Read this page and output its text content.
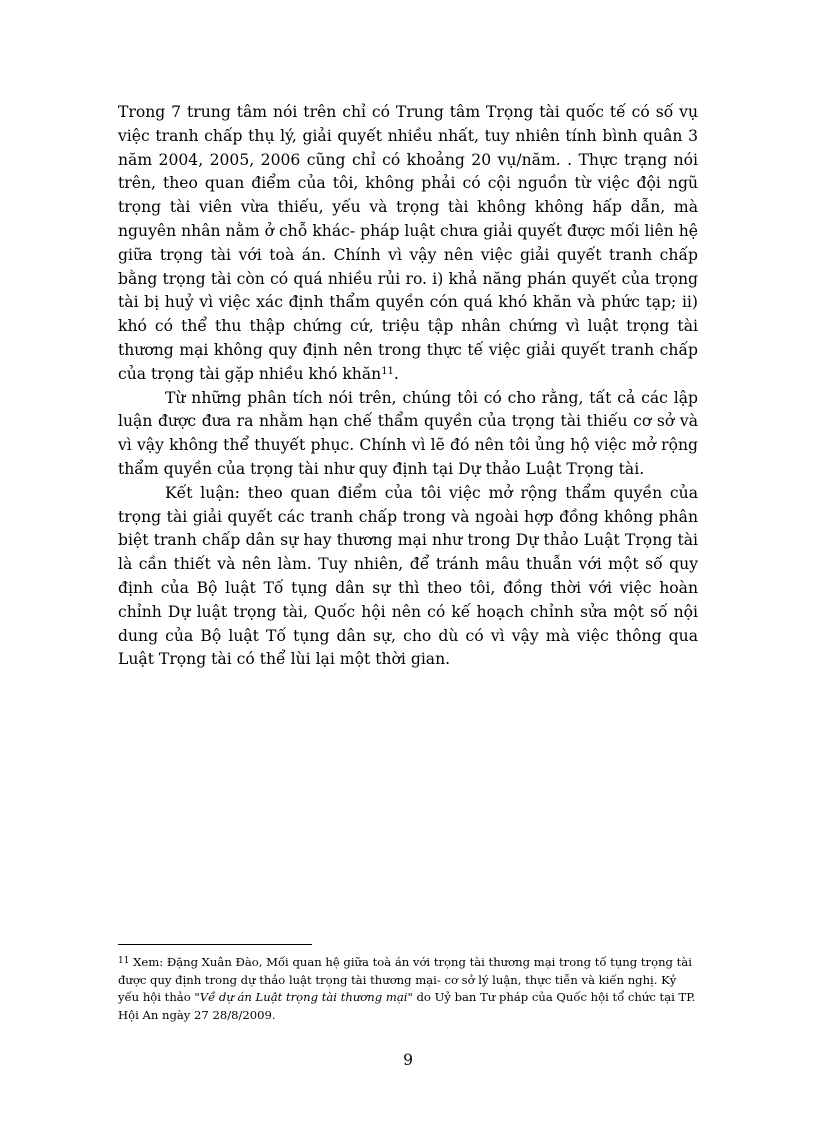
Trong 7 trung tâm nói trên chỉ có Trung tâm Trọng tài quốc tế có số vụ việc tranh chấp thụ lý, giải quyết nhiều nhất, tuy nhiên tính bình quân 3 năm 2004, 2005, 2006 cũng chỉ có khoảng 20 vụ/năm. . Thực trạng nói trên, theo quan điểm của tôi, không phải có cội nguồn từ việc đội ngũ trọng tài viên vừa thiếu, yếu và trọng tài không không hấp dẫn, mà nguyên nhân nằm ở chỗ khác- pháp luật chưa giải quyết được mối liên hệ giữa trọng tài với toà án. Chính vì vậy nên việc giải quyết tranh chấp bằng trọng tài còn có quá nhiều rủi ro. i) khả năng phán quyết của trọng tài bị huỷ vì việc xác định thẩm quyền cón quá khó khăn và phức tạp; ii) khó có thể thu thập chứng cứ, triệu tập nhân chứng vì luật trọng tài thương mại không quy định nên trong thực tế việc giải quyết tranh chấp của trọng tài gặp nhiều khó khăn$^{11}$.

Từ những phân tích nói trên, chúng tôi có cho rằng, tất cả các lập luận được đưa ra nhằm hạn chế thẩm quyền của trọng tài thiếu cơ sở và vì vậy không thể thuyết phục. Chính vì lẽ đó nên tôi ủng hộ việc mở rộng thẩm quyền của trọng tài như quy định tại Dự thảo Luật Trọng tài.

Kết luận: theo quan điểm của tôi việc mở rộng thẩm quyền của trọng tài giải quyết các tranh chấp trong và ngoài hợp đồng không phân biệt tranh chấp dân sự hay thương mại như trong Dự thảo Luật Trọng tài là cần thiết và nên làm. Tuy nhiên, để tránh mâu thuẫn với một số quy định của Bộ luật Tố tụng dân sự thì theo tôi, đồng thời với việc hoàn chỉnh Dự luật trọng tài, Quốc hội nên có kế hoạch chỉnh sửa một số nội dung của Bộ luật Tố tụng dân sự, cho dù có vì vậy mà việc thông qua Luật Trọng tài có thể lùi lại một thời gian.

$^{11}$ Xem: Đặng Xuân Đào, Mối quan hệ giữa toà án với trọng tài thương mại trong tố tụng trọng tài được quy định trong dự thảo luật trọng tài thương mại- cơ sở lý luận, thực tiễn và kiến nghị. Kỷ yếu hội thảo "Về dự án Luật trọng tài thương mại" do Uỷ ban Tư pháp của Quốc hội tổ chức tại TP. Hội An ngày 27 28/8/2009.
9
